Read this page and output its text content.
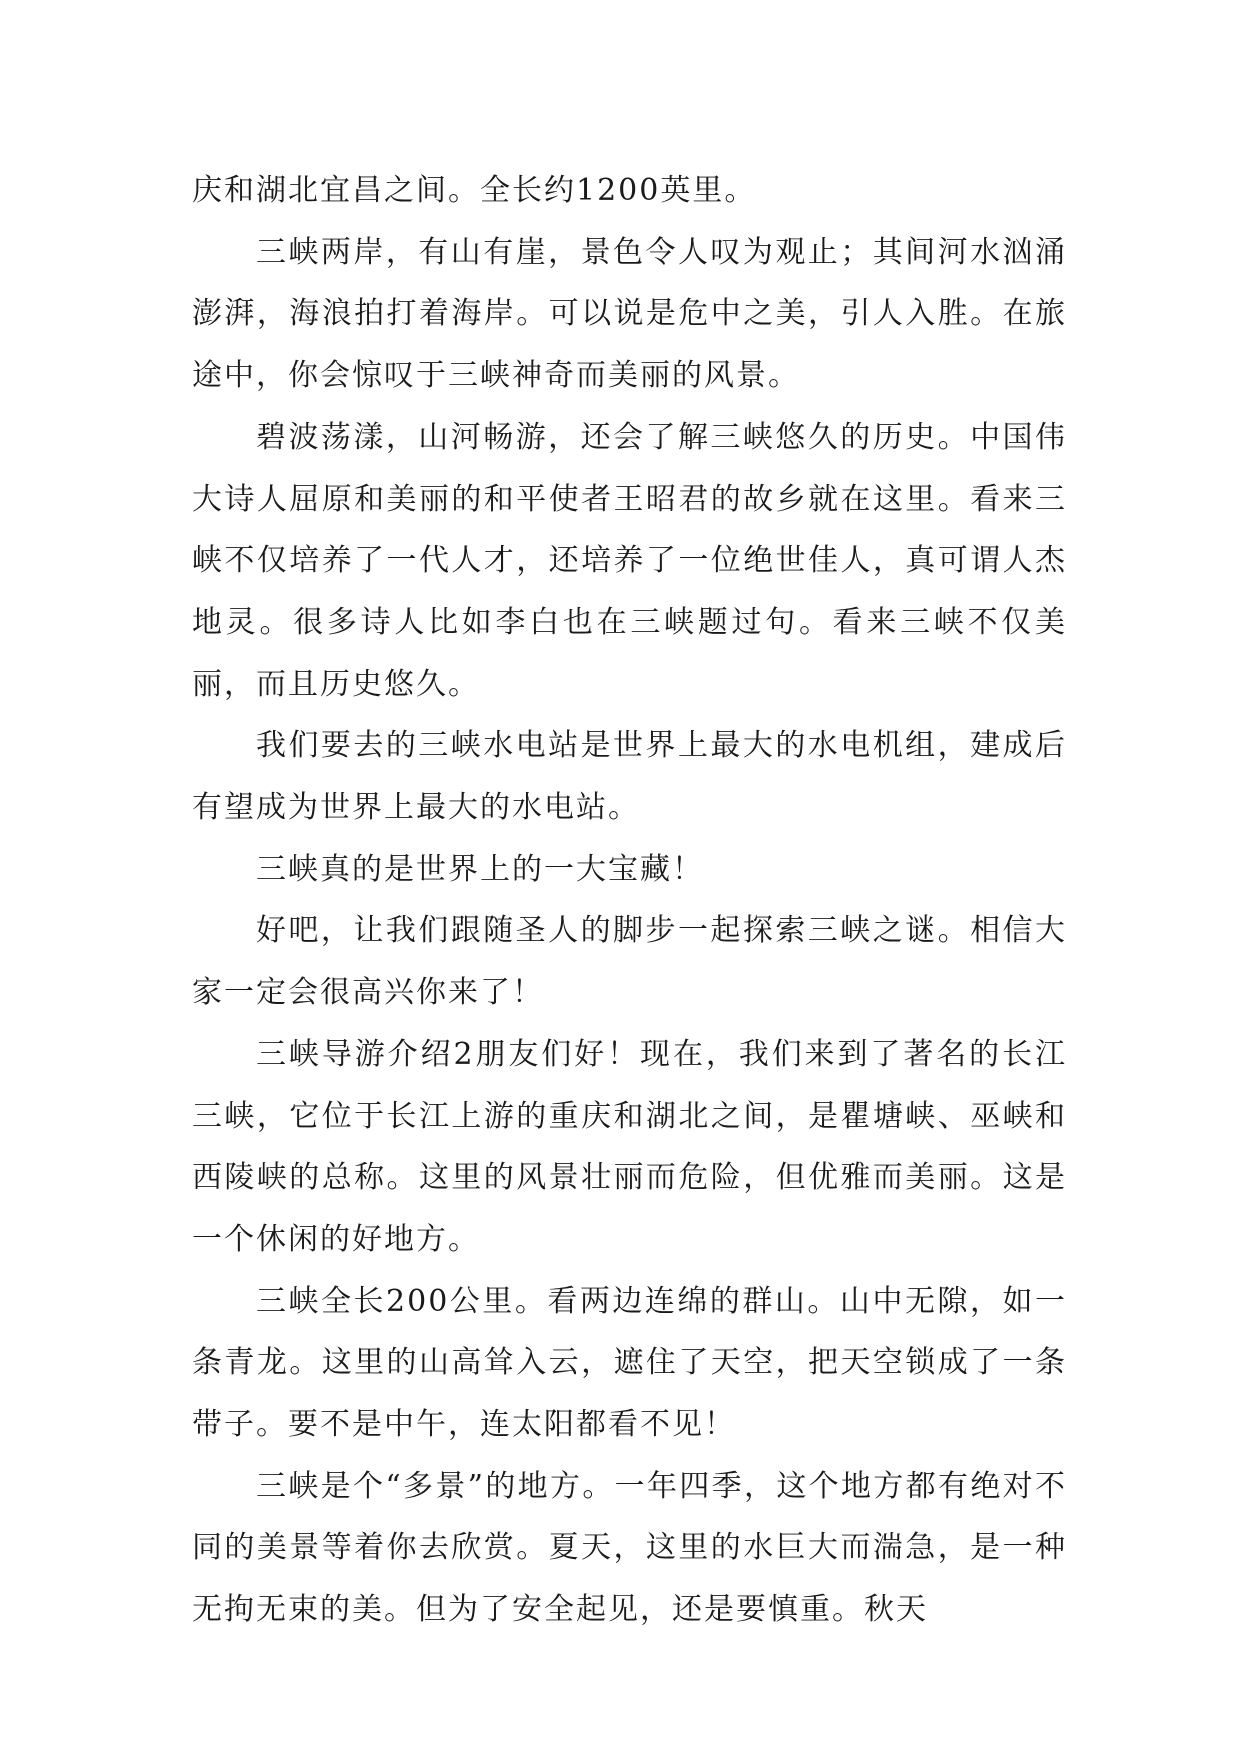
庆和湖北宜昌之间。全长约1200英里。

三峡两岸，有山有崖，景色令人叹为观止；其间河水汹涌澎湃，海浪拍打着海岸。可以说是危中之美，引人入胜。在旅途中，你会惊叹于三峡神奇而美丽的风景。

碧波荡漾，山河畅游，还会了解三峡悠久的历史。中国伟大诗人屈原和美丽的和平使者王昭君的故乡就在这里。看来三峡不仅培养了一代人才，还培养了一位绝世佳人，真可谓人杰地灵。很多诗人比如李白也在三峡题过句。看来三峡不仅美丽，而且历史悠久。

我们要去的三峡水电站是世界上最大的水电机组，建成后有望成为世界上最大的水电站。

三峡真的是世界上的一大宝藏！

好吧，让我们跟随圣人的脚步一起探索三峡之谜。相信大家一定会很高兴你来了！

三峡导游介绍2朋友们好！现在，我们来到了著名的长江三峡，它位于长江上游的重庆和湖北之间，是瞿塘峡、巫峡和西陵峡的总称。这里的风景壮丽而危险，但优雅而美丽。这是一个休闲的好地方。

三峡全长200公里。看两边连绵的群山。山中无隙，如一条青龙。这里的山高耸入云，遮住了天空，把天空锁成了一条带子。要不是中午，连太阳都看不见！

三峡是个“多景”的地方。一年四季，这个地方都有绝对不同的美景等着你去欣赏。夏天，这里的水巨大而湍急，是一种无拘无束的美。但为了安全起见，还是要慎重。秋天
